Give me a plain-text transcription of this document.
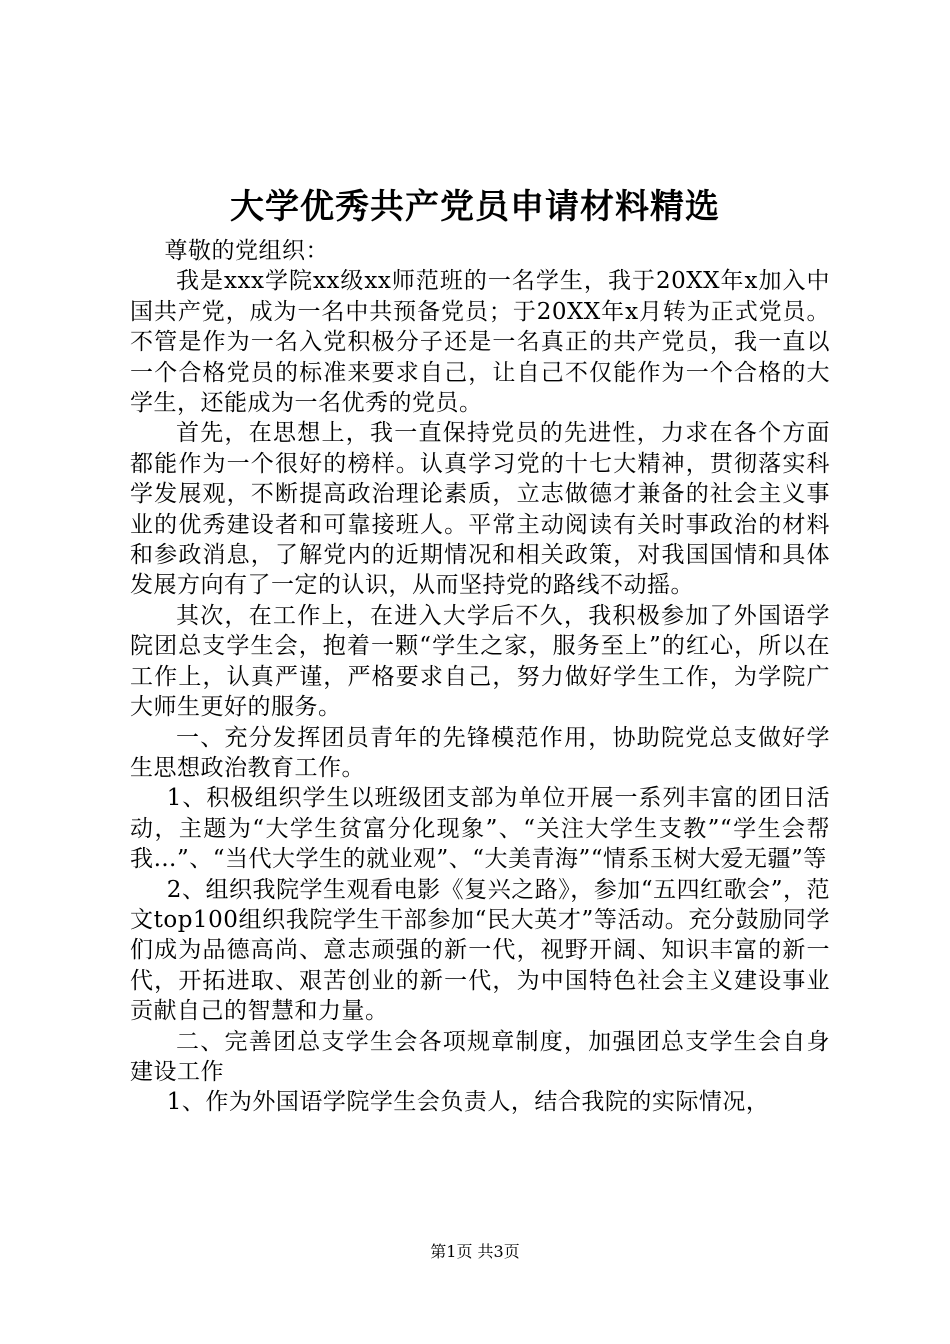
大学优秀共产党员申请材料精选

尊敬的党组织：

我是xxx学院xx级xx师范班的一名学生，我于20XX年x加入中国共产党，成为一名中共预备党员；于20XX年x月转为正式党员。不管是作为一名入党积极分子还是一名真正的共产党员，我一直以一个合格党员的标准来要求自己，让自己不仅能作为一个合格的大学生，还能成为一名优秀的党员。

首先，在思想上，我一直保持党员的先进性，力求在各个方面都能作为一个很好的榜样。认真学习党的十七大精神，贯彻落实科学发展观，不断提高政治理论素质，立志做德才兼备的社会主义事业的优秀建设者和可靠接班人。平常主动阅读有关时事政治的材料和参政消息，了解党内的近期情况和相关政策，对我国国情和具体发展方向有了一定的认识，从而坚持党的路线不动摇。

其次，在工作上，在进入大学后不久，我积极参加了外国语学院团总支学生会，抱着一颗“学生之家，服务至上”的红心，所以在工作上，认真严谨，严格要求自己，努力做好学生工作，为学院广大师生更好的服务。

一、充分发挥团员青年的先锋模范作用，协助院党总支做好学生思想政治教育工作。

1、积极组织学生以班级团支部为单位开展一系列丰富的团日活动，主题为“大学生贫富分化现象”、“关注大学生支教”“学生会帮我…”、“当代大学生的就业观”、“大美青海”“情系玉树大爱无疆”等

2、组织我院学生观看电影《复兴之路》，参加“五四红歌会”，范文top100组织我院学生干部参加“民大英才”等活动。充分鼓励同学们成为品德高尚、意志顽强的新一代，视野开阔、知识丰富的新一代，开拓进取、艰苦创业的新一代，为中国特色社会主义建设事业贡献自己的智慧和力量。

二、完善团总支学生会各项规章制度，加强团总支学生会自身建设工作

1、作为外国语学院学生会负责人，结合我院的实际情况，

第1页 共3页
